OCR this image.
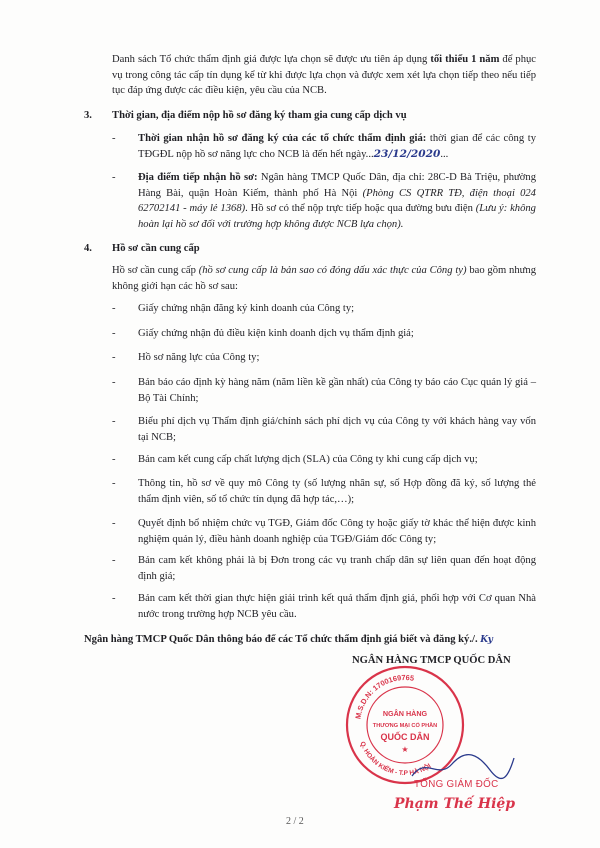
Danh sách Tổ chức thẩm định giá được lựa chọn sẽ được ưu tiên áp dụng tối thiểu 1 năm để phục vụ trong công tác cấp tín dụng kể từ khi được lựa chọn và được xem xét lựa chọn tiếp theo nếu tiếp tục đáp ứng được các điều kiện, yêu cầu của NCB.

3. Thời gian, địa điểm nộp hồ sơ đăng ký tham gia cung cấp dịch vụ
- Thời gian nhận hồ sơ đăng ký của các tổ chức thẩm định giá: thời gian để các công ty TĐGĐL nộp hồ sơ năng lực cho NCB là đến hết ngày...23/12/2020...

- Địa điểm tiếp nhận hồ sơ: Ngân hàng TMCP Quốc Dân, địa chỉ: 28C-D Bà Triệu, phường Hàng Bài, quận Hoàn Kiếm, thành phố Hà Nội (Phòng CS QTRR TĐ, điện thoại 024 62702141 - máy lẻ 1368). Hồ sơ có thể nộp trực tiếp hoặc qua đường bưu điện (Lưu ý: không hoàn lại hồ sơ đối với trường hợp không được NCB lựa chọn).

4. Hồ sơ cần cung cấp

Hồ sơ cần cung cấp (hồ sơ cung cấp là bản sao có đóng dấu xác thực của Công ty) bao gồm nhưng không giới hạn các hồ sơ sau:

- Giấy chứng nhận đăng ký kinh doanh của Công ty;

- Giấy chứng nhận đủ điều kiện kinh doanh dịch vụ thẩm định giá;

- Hồ sơ năng lực của Công ty;

- Bản báo cáo định kỳ hàng năm (năm liền kề gần nhất) của Công ty báo cáo Cục quản lý giá – Bộ Tài Chính;

- Biểu phí dịch vụ Thẩm định giá/chính sách phí dịch vụ của Công ty với khách hàng vay vốn tại NCB;

- Bản cam kết cung cấp chất lượng dịch (SLA) của Công ty khi cung cấp dịch vụ;

- Thông tin, hồ sơ về quy mô Công ty (số lượng nhân sự, số Hợp đồng đã ký, số lượng thẻ thẩm định viên, số tổ chức tín dụng đã hợp tác,…);

- Quyết định bổ nhiệm chức vụ TGĐ, Giám đốc Công ty hoặc giấy tờ khác thể hiện được kinh nghiệm quản lý, điều hành doanh nghiệp của TGĐ/Giám đốc Công ty;

- Bản cam kết không phải là bị Đơn trong các vụ tranh chấp dân sự liên quan đến hoạt động định giá;

- Bản cam kết thời gian thực hiện giải trình kết quả thẩm định giá, phối hợp với Cơ quan Nhà nước trong trường hợp NCB yêu cầu.

Ngân hàng TMCP Quốc Dân thông báo để các Tổ chức thẩm định giá biết và đăng ký./. Ky

NGÂN HÀNG TMCP QUỐC DÂN
M.S.D.N: 1700169765
Q. HOÀN KIẾM - T.P HÀ NỘI
NGÂN HÀNG
THƯƠNG MẠI CỔ PHẦN
QUỐC DÂN
★
TỔNG GIÁM ĐỐC
Phạm Thế Hiệp
2 / 2
